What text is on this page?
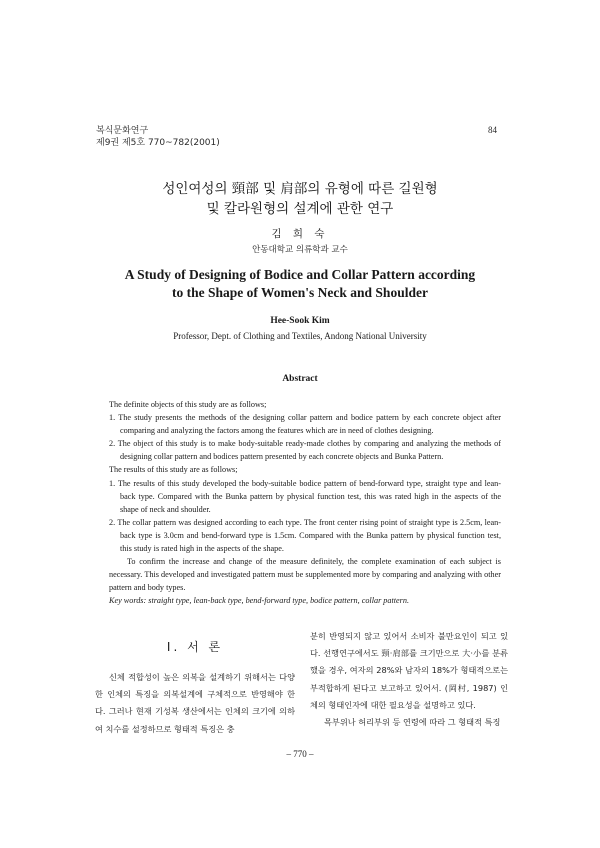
복식문화연구
제9권 제5호 770~782(2001)
84
성인여성의 頸部 및 肩部의 유형에 따른 길원형
및 칼라원형의 설계에 관한 연구
김 희 숙
안동대학교 의류학과 교수
A Study of Designing of Bodice and Collar Pattern according
to the Shape of Women's Neck and Shoulder
Hee-Sook Kim
Professor, Dept. of Clothing and Textiles, Andong National University
Abstract

The definite objects of this study are as follows;

1. The study presents the methods of the designing collar pattern and bodice pattern by each concrete object after comparing and analyzing the factors among the features which are in need of clothes designing.

2. The object of this study is to make body-suitable ready-made clothes by comparing and analyzing the methods of designing collar pattern and bodices pattern presented by each concrete objects and Bunka Pattern.

The results of this study are as follows;

1. The results of this study developed the body-suitable bodice pattern of bend-forward type, straight type and lean-back type. Compared with the Bunka pattern by physical function test, this was rated high in the aspects of the shape of neck and shoulder.

2. The collar pattern was designed according to each type. The front center rising point of straight type is 2.5cm, lean-back type is 3.0cm and bend-forward type is 1.5cm. Compared with the Bunka pattern by physical function test, this study is rated high in the aspects of the shape.

To confirm the increase and change of the measure definitely, the complete examination of each subject is necessary. This developed and investigated pattern must be supplemented more by comparing and analyzing with other pattern and body types.

Key words: straight type, lean-back type, bend-forward type, bodice pattern, collar pattern.

Ⅰ. 서 론

신체 적합성이 높은 의복을 설계하기 위해서는 다양한 인체의 특징을 의복설계에 구체적으로 반영해야 한다. 그러나 현재 기성복 생산에서는 인체의 크기에 의하여 치수를 설정하므로 형태적 특징은 충

분히 반영되지 않고 있어서 소비자 불만요인이 되고 있다. 선행연구에서도 頸·肩部를 크기만으로 大·小를 분류했을 경우, 여자의 28%와 남자의 18%가 형태적으로는 부적합하게 된다고 보고하고 있어서. (岡村, 1987) 인체의 형태인자에 대한 필요성을 설명하고 있다.

목부위나 허리부위 등 연령에 따라 그 형태적 특징

– 770 –
